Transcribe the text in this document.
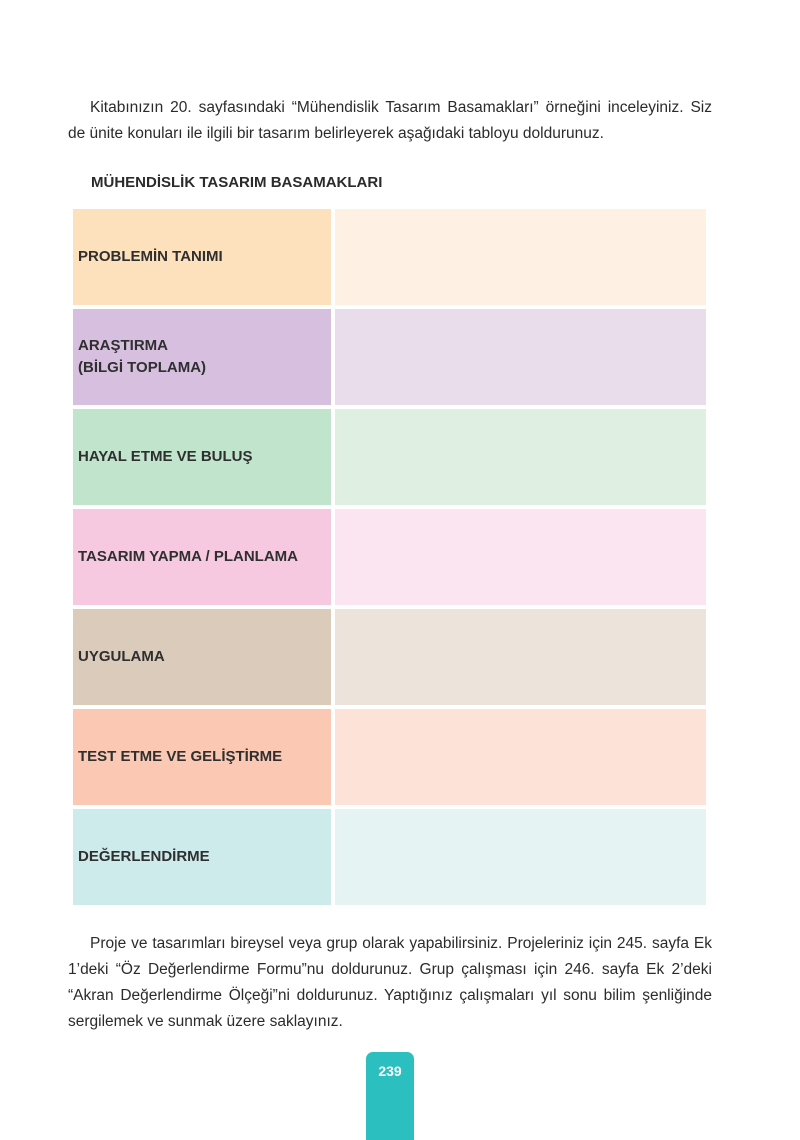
Kitabınızın 20. sayfasındaki “Mühendislik Tasarım Basamakları” örneğini inceleyiniz. Siz de ünite konuları ile ilgili bir tasarım belirleyerek aşağıdaki tabloyu doldurunuz.

MÜHENDİSLİK TASARIM BASAMAKLARI
PROBLEMİN TANIMI
ARAŞTIRMA
(BİLGİ TOPLAMA)
HAYAL ETME VE BULUŞ
TASARIM YAPMA / PLANLAMA
UYGULAMA
TEST ETME VE GELİŞTİRME
DEĞERLENDİRME

Proje ve tasarımları bireysel veya grup olarak yapabilirsiniz. Projeleriniz için 245. sayfa Ek 1’deki “Öz Değerlendirme Formu”nu doldurunuz. Grup çalışması için 246. sayfa Ek 2’deki “Akran Değerlendirme Ölçeği”ni doldurunuz. Yaptığınız çalışmaları yıl sonu bilim şenliğinde sergilemek ve sunmak üzere saklayınız.

239
